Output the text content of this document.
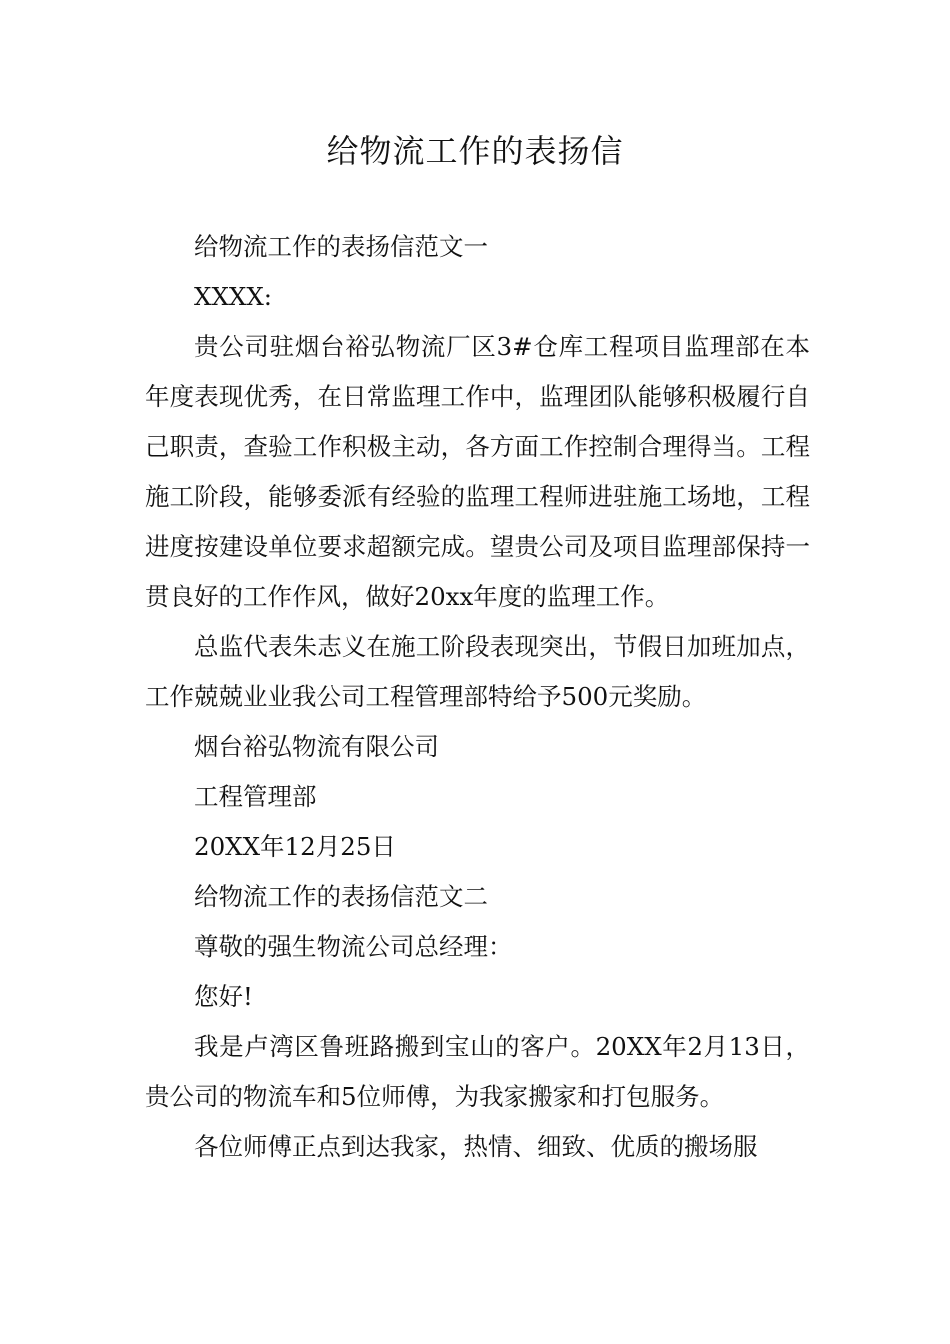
给物流工作的表扬信

给物流工作的表扬信范文一

XXXX:

贵公司驻烟台裕弘物流厂区3#仓库工程项目监理部在本年度表现优秀，在日常监理工作中，监理团队能够积极履行自己职责，查验工作积极主动，各方面工作控制合理得当。工程施工阶段，能够委派有经验的监理工程师进驻施工场地，工程进度按建设单位要求超额完成。望贵公司及项目监理部保持一贯良好的工作作风，做好20xx年度的监理工作。

总监代表朱志义在施工阶段表现突出，节假日加班加点，工作兢兢业业我公司工程管理部特给予500元奖励。

烟台裕弘物流有限公司

工程管理部

20XX年12月25日

给物流工作的表扬信范文二

尊敬的强生物流公司总经理：

您好!

我是卢湾区鲁班路搬到宝山的客户。20XX年2月13日，贵公司的物流车和5位师傅，为我家搬家和打包服务。

各位师傅正点到达我家，热情、细致、优质的搬场服
